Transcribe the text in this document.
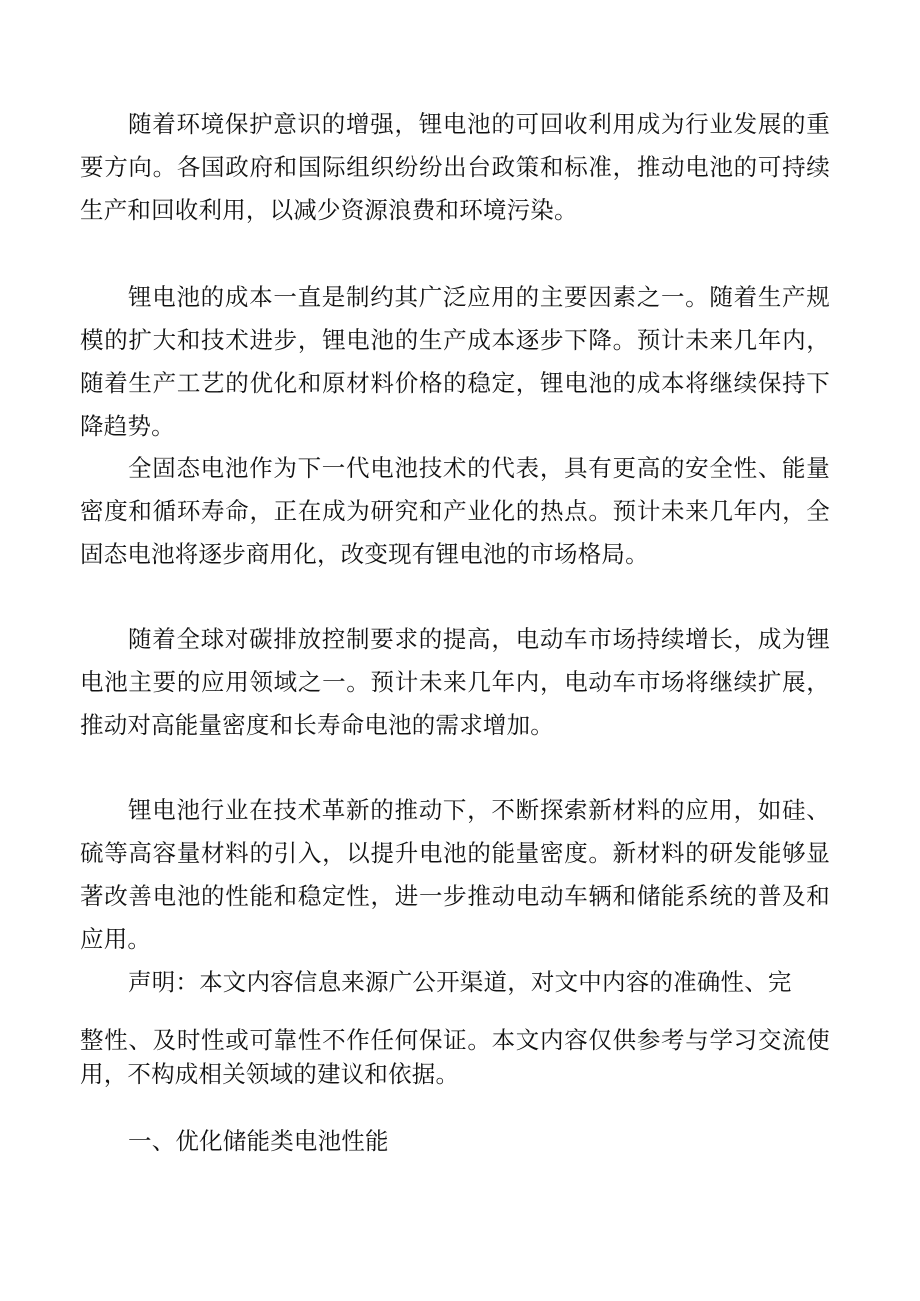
随着环境保护意识的增强，锂电池的可回收利用成为行业发展的重要方向。各国政府和国际组织纷纷出台政策和标准，推动电池的可持续生产和回收利用，以减少资源浪费和环境污染。

锂电池的成本一直是制约其广泛应用的主要因素之一。随着生产规模的扩大和技术进步，锂电池的生产成本逐步下降。预计未来几年内，随着生产工艺的优化和原材料价格的稳定，锂电池的成本将继续保持下降趋势。

全固态电池作为下一代电池技术的代表，具有更高的安全性、能量密度和循环寿命，正在成为研究和产业化的热点。预计未来几年内，全固态电池将逐步商用化，改变现有锂电池的市场格局。

随着全球对碳排放控制要求的提高，电动车市场持续增长，成为锂电池主要的应用领域之一。预计未来几年内，电动车市场将继续扩展，推动对高能量密度和长寿命电池的需求增加。

锂电池行业在技术革新的推动下，不断探索新材料的应用，如硅、硫等高容量材料的引入，以提升电池的能量密度。新材料的研发能够显著改善电池的性能和稳定性，进一步推动电动车辆和储能系统的普及和应用。

声明：本文内容信息来源广公开渠道，对文中内容的准确性、完

整性、及时性或可靠性不作任何保证。本文内容仅供参考与学习交流使用，不构成相关领域的建议和依据。

一、优化储能类电池性能
